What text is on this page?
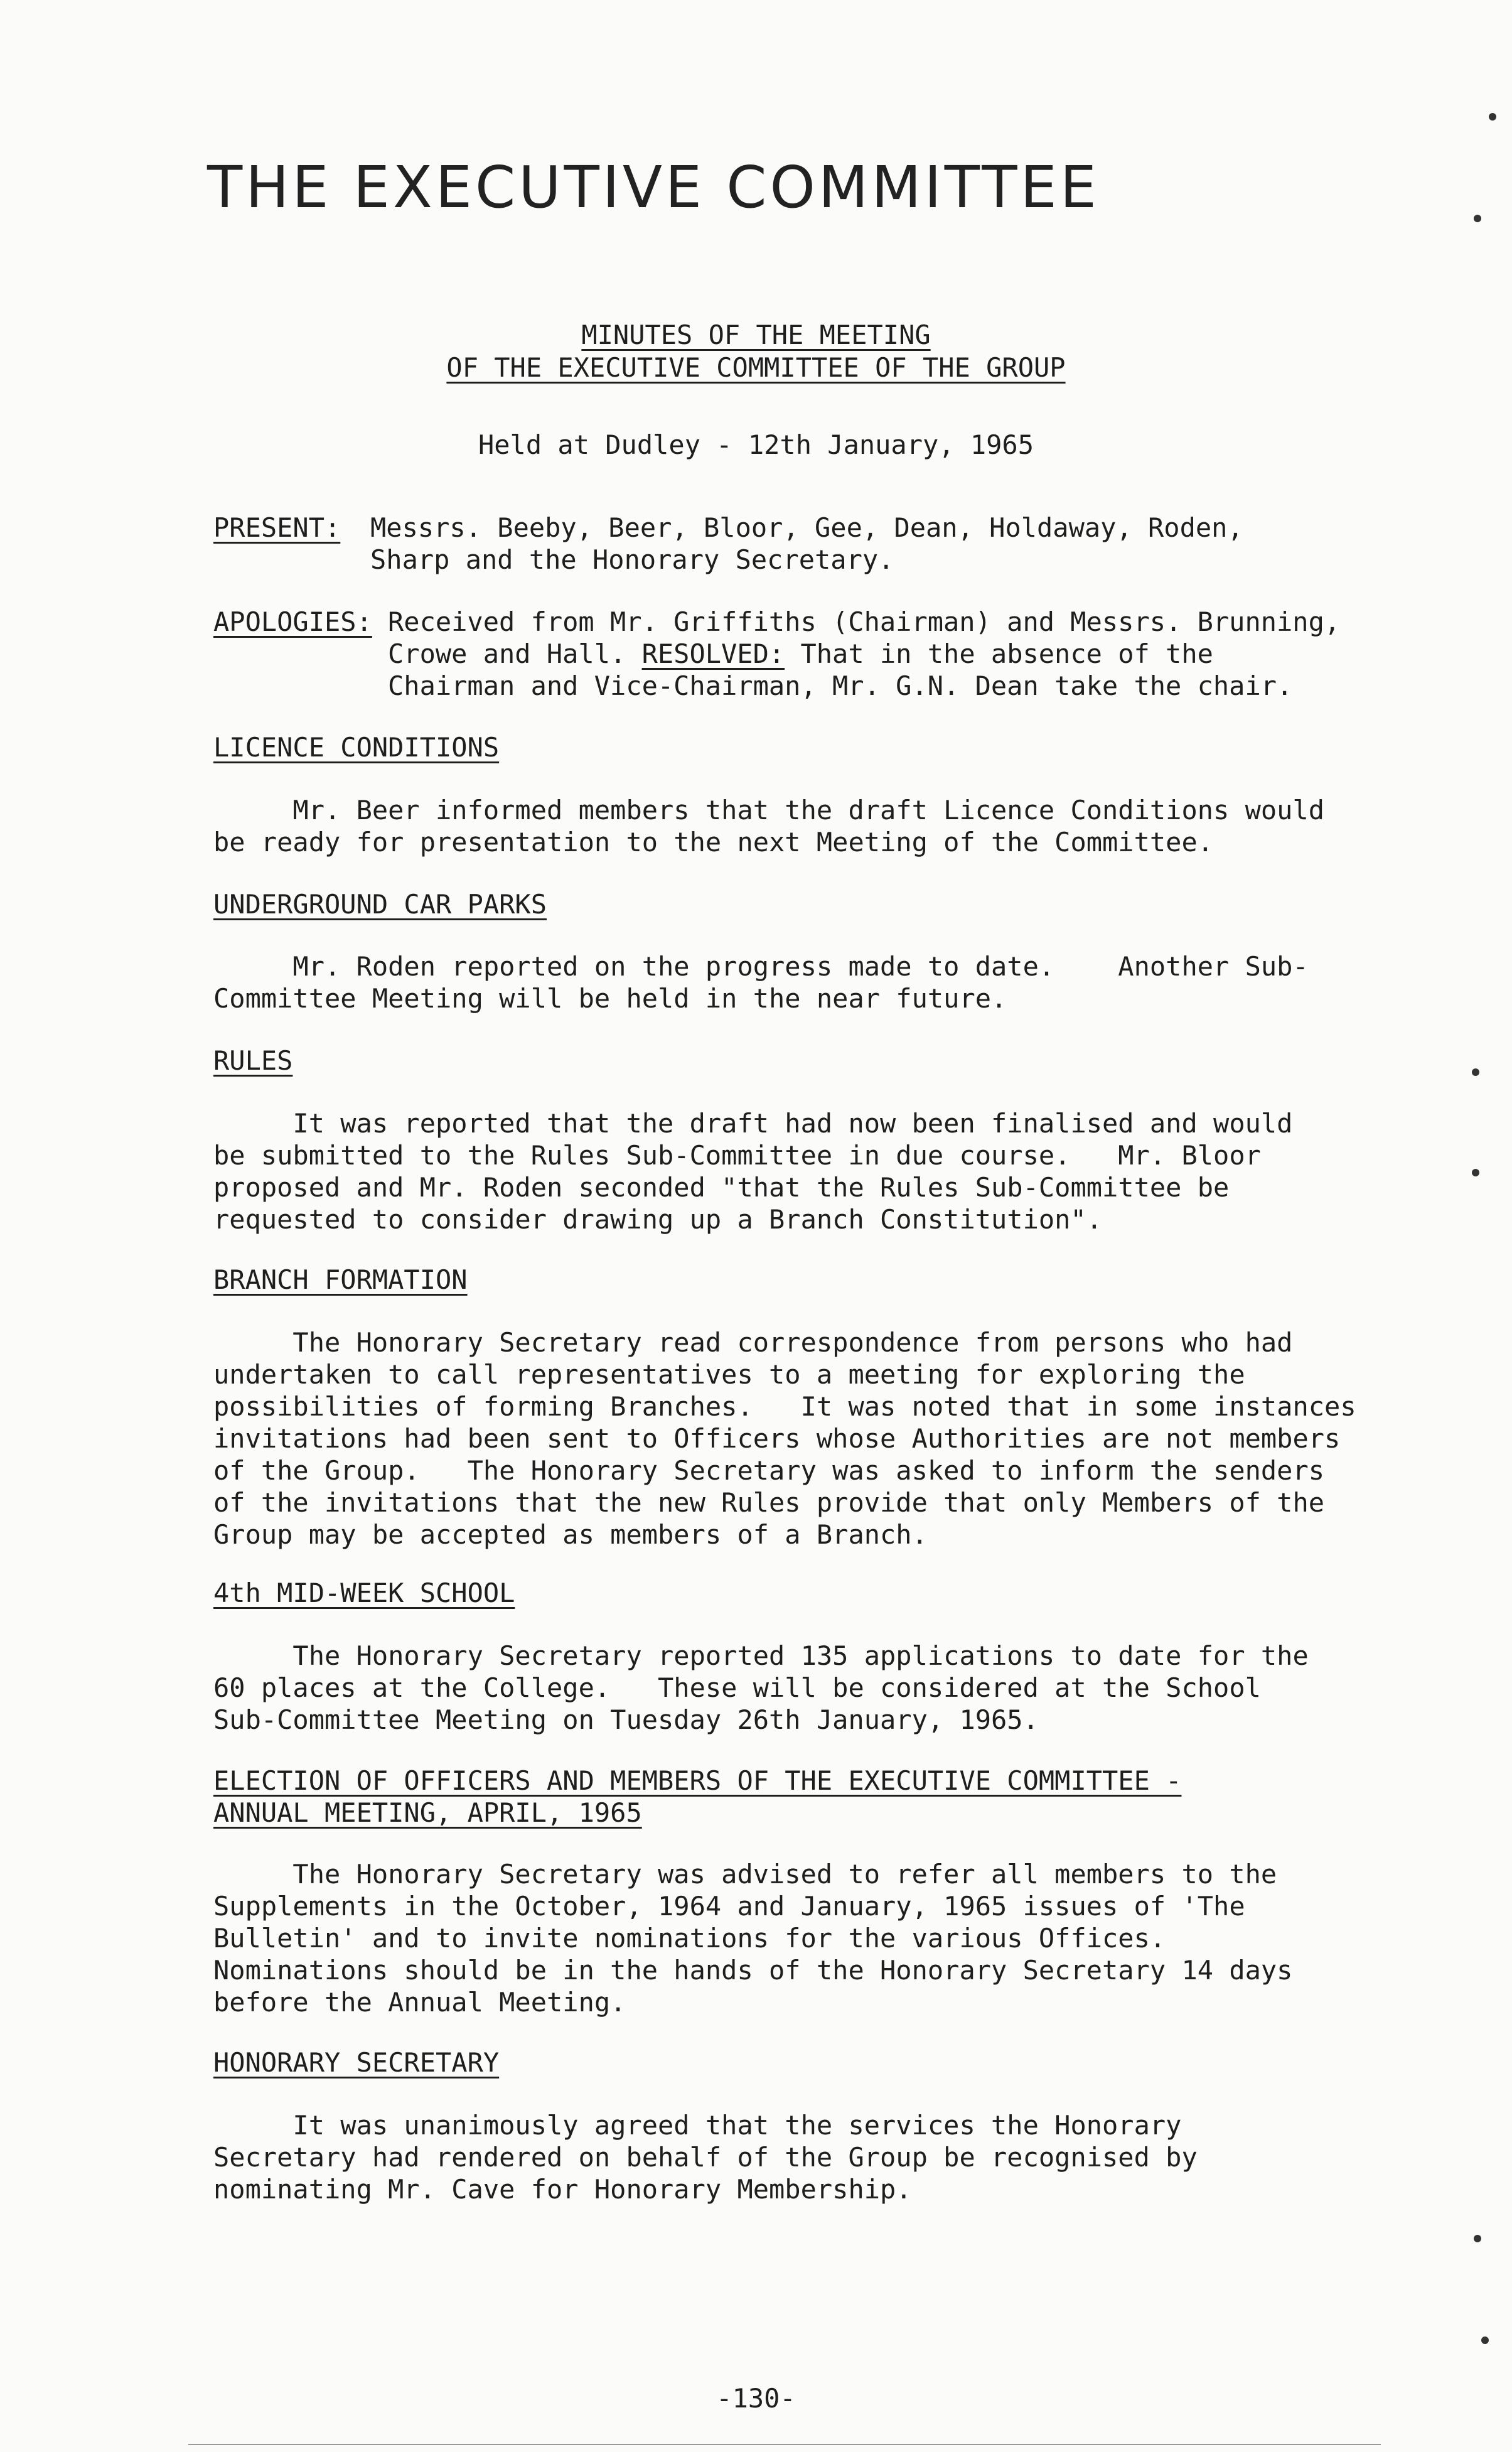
THE EXECUTIVE COMMITTEE
MINUTES OF THE MEETING
OF THE EXECUTIVE COMMITTEE OF THE GROUP
Held at Dudley - 12th January, 1965
PRESENT: Messrs. Beeby, Beer, Bloor, Gee, Dean, Holdaway, Roden,
Sharp and the Honorary Secretary.
APOLOGIES: Received from Mr. Griffiths (Chairman) and Messrs. Brunning,
Crowe and Hall. RESOLVED: That in the absence of the
Chairman and Vice-Chairman, Mr. G.N. Dean take the chair.
LICENCE CONDITIONS
Mr. Beer informed members that the draft Licence Conditions would
be ready for presentation to the next Meeting of the Committee.
UNDERGROUND CAR PARKS
Mr. Roden reported on the progress made to date.    Another Sub-
Committee Meeting will be held in the near future.
RULES
It was reported that the draft had now been finalised and would
be submitted to the Rules Sub-Committee in due course.   Mr. Bloor
proposed and Mr. Roden seconded "that the Rules Sub-Committee be
requested to consider drawing up a Branch Constitution".
BRANCH FORMATION
The Honorary Secretary read correspondence from persons who had
undertaken to call representatives to a meeting for exploring the
possibilities of forming Branches.   It was noted that in some instances
invitations had been sent to Officers whose Authorities are not members
of the Group.   The Honorary Secretary was asked to inform the senders
of the invitations that the new Rules provide that only Members of the
Group may be accepted as members of a Branch.
4th MID-WEEK SCHOOL
The Honorary Secretary reported 135 applications to date for the
60 places at the College.   These will be considered at the School
Sub-Committee Meeting on Tuesday 26th January, 1965.
ELECTION OF OFFICERS AND MEMBERS OF THE EXECUTIVE COMMITTEE -
ANNUAL MEETING, APRIL, 1965
The Honorary Secretary was advised to refer all members to the
Supplements in the October, 1964 and January, 1965 issues of 'The
Bulletin' and to invite nominations for the various Offices.
Nominations should be in the hands of the Honorary Secretary 14 days
before the Annual Meeting.
HONORARY SECRETARY
It was unanimously agreed that the services the Honorary
Secretary had rendered on behalf of the Group be recognised by
nominating Mr. Cave for Honorary Membership.
-130-
